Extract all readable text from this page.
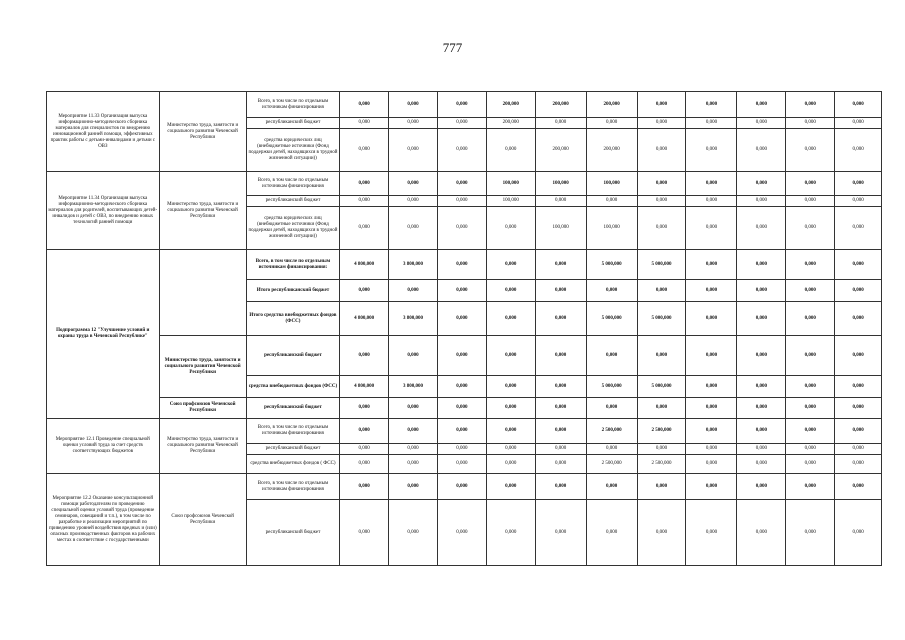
777
Мероприятие 11.33 Организация выпуска информационно-методического сборника материалов для специалистов по внедрению инновационной ранней помощи, эффективных практик работы с детьми-инвалидами и детьми с ОВЗ	Министерство труда, занятости и социального развития Чеченской Республики	Всего, в том числе по отдельным источникам финансирования	0,000	0,000	0,000	200,000	200,000	200,000	0,000	0,000	0,000	0,000	0,000
		республиканский бюджет	0,000	0,000	0,000	200,000	0,000	0,000	0,000	0,000	0,000	0,000	0,000
		средства юридических лиц (внебюджетные источники (Фонд поддержки детей, находящихся в трудной жизненной ситуации))	0,000	0,000	0,000	0,000	200,000	200,000	0,000	0,000	0,000	0,000	0,000
Мероприятие 11.34 Организация выпуска информационно-методического сборника материалов для родителей, воспитывающих детей-инвалидов и детей с ОВЗ, по внедрению новых технологий ранней помощи	Министерство труда, занятости и социального развития Чеченской Республики	Всего, в том числе по отдельным источникам финансирования	0,000	0,000	0,000	100,000	100,000	100,000	0,000	0,000	0,000	0,000	0,000
		республиканский бюджет	0,000	0,000	0,000	100,000	0,000	0,000	0,000	0,000	0,000	0,000	0,000
		средства юридических лиц (внебюджетные источники (Фонд поддержки детей, находящихся в трудной жизненной ситуации))	0,000	0,000	0,000	0,000	100,000	100,000	0,000	0,000	0,000	0,000	0,000
Подпрограмма 12 "Улучшение условий и охраны труда в Чеченской Республике"		Всего, в том числе по отдельным источникам финансирования:	4 800,000	3 800,000	0,000	0,000	0,000	5 000,000	5 000,000	0,000	0,000	0,000	0,000
		Итого республиканский бюджет	0,000	0,000	0,000	0,000	0,000	0,000	0,000	0,000	0,000	0,000	0,000
		Итого средства внебюджетных фондов (ФСС)	4 800,000	3 800,000	0,000	0,000	0,000	5 000,000	5 000,000	0,000	0,000	0,000	0,000
	Министерство труда, занятости и социального развития Чеченской Республики	республиканский бюджет	0,000	0,000	0,000	0,000	0,000	0,000	0,000	0,000	0,000	0,000	0,000
		средства внебюджетных фондов (ФСС)	4 800,000	3 800,000	0,000	0,000	0,000	5 000,000	5 000,000	0,000	0,000	0,000	0,000
	Союз профсоюзов Чеченской Республики	республиканский бюджет	0,000	0,000	0,000	0,000	0,000	0,000	0,000	0,000	0,000	0,000	0,000
Мероприятие 12.1 Проведение специальной оценки условий труда за счет средств соответствующих бюджетов	Министерство труда, занятости и социального развития Чеченской Республики	Всего, в том числе по отдельным источникам финансирования	0,000	0,000	0,000	0,000	0,000	2 500,000	2 500,000	0,000	0,000	0,000	0,000
		республиканский бюджет	0,000	0,000	0,000	0,000	0,000	0,000	0,000	0,000	0,000	0,000	0,000
		средства внебюджетных фондов ( ФСС)	0,000	0,000	0,000	0,000	0,000	2 500,000	2 500,000	0,000	0,000	0,000	0,000
Мероприятие 12.2 Оказание консультационной помощи работодателям по проведению специальной оценки условий труда (проведение семинаров, совещаний и т.п.), в том числе по разработке и реализации мероприятий по приведению уровней воздействия вредных и (или) опасных производственных факторов на рабочих местах в соответствие с государственными	Союз профсоюзов Чеченской Республики	Всего, в том числе по отдельным источникам финансирования	0,000	0,000	0,000	0,000	0,000	0,000	0,000	0,000	0,000	0,000	0,000
		республиканский бюджет	0,000	0,000	0,000	0,000	0,000	0,000	0,000	0,000	0,000	0,000	0,000
